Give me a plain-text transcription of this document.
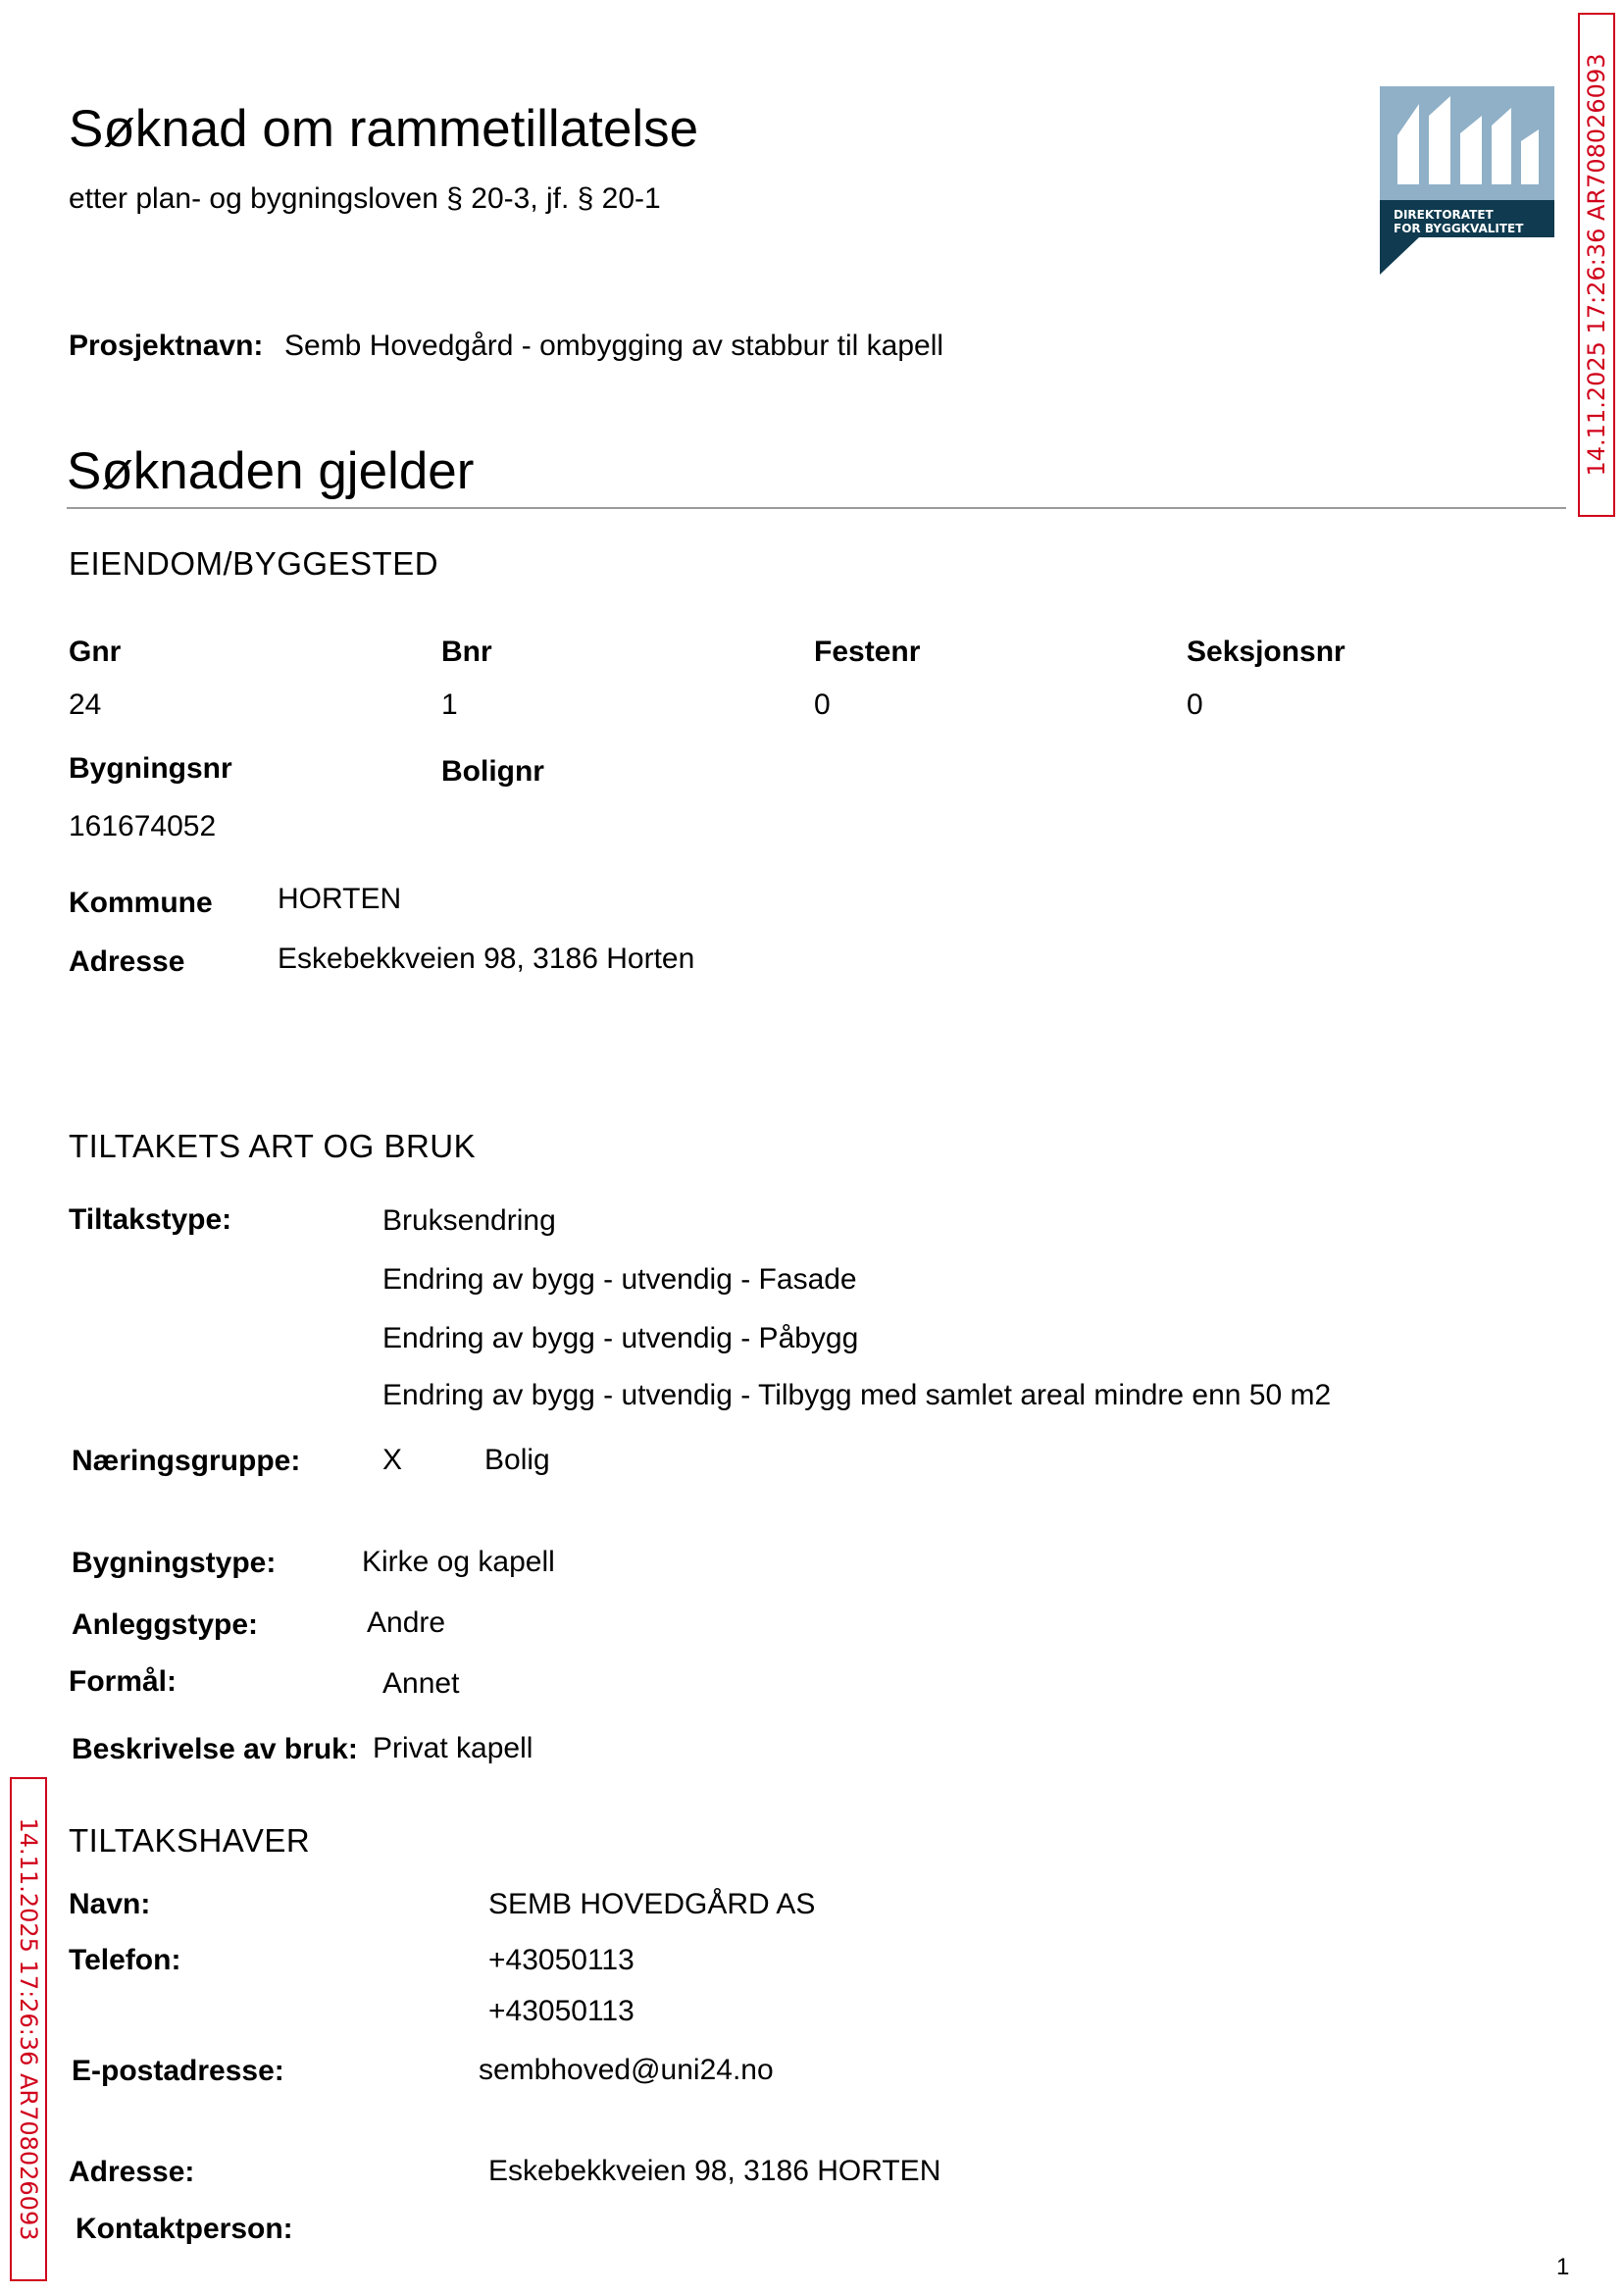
Søknad om rammetillatelse
etter plan- og bygningsloven § 20-3, jf. § 20-1	DIREKTORATET
FOR BYGGKVALITET
Prosjektnavn: Semb Hovedgård - ombygging av stabbur til kapell
Søknaden gjelder
EIENDOM/BYGGESTED
Gnr	Bnr	Festenr	Seksjonsnr
24	1	0	0
Bygningsnr	Bolignr
161674052
Kommune HORTEN
Adresse	Eskebekkveien 98, 3186 Horten
TILTAKETS ART OG BRUK
Tiltakstype:	Bruksendring
Endring av bygg - utvendig - Fasade
Endring av bygg - utvendig - Påbygg
Endring av bygg - utvendig - Tilbygg med samlet areal mindre enn 50 m2
Næringsgruppe:	X	Bolig
Bygningstype:	Kirke og kapell
Anleggstype:	Andre
Formål:	Annet
Beskrivelse av bruk: Privat kapell
TILTAKSHAVER
Navn:	SEMB HOVEDGÅRD AS
Telefon:	+43050113
+43050113
E-postadresse:	sembhoved@uni24.no
Adresse:	Eskebekkveien 98, 3186 HORTEN
Kontaktperson:
14.11.2025 17:26:36 AR708026093
14.11.2025 17:26:36 AR708026093
1
